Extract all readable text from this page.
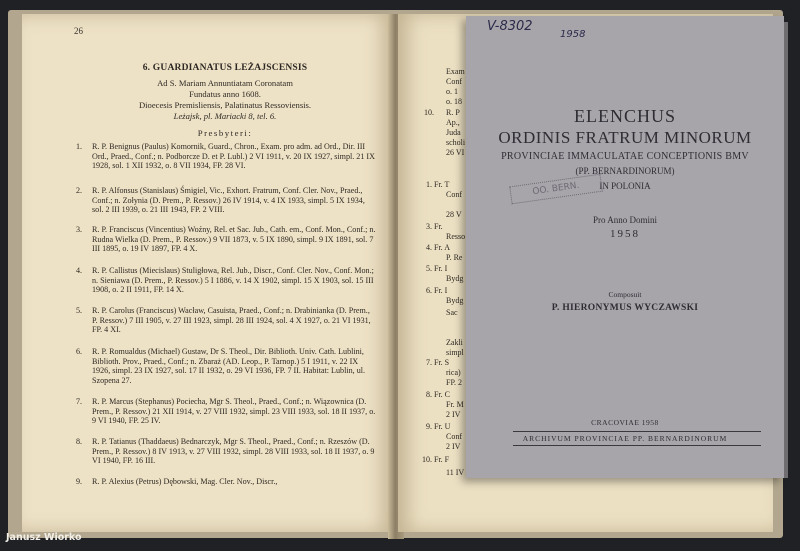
26
6. GUARDIANATUS LEŻAJSCENSIS
Ad S. Mariam Annuntiatam Coronatam
Fundatus anno 1608.
Dioecesis Premisliensis, Palatinatus Ressoviensis.
Leżajsk, pl. Mariacki 8, tel. 6.
Presbyteri:
1. R. P. Benignus (Paulus) Komornik, Guard., Chron., Exam. pro adm. ad Ord., Dir. III Ord., Praed., Conf.; n. Podborcze D. et P. Lubl.) 2 VI 1911, v. 20 IX 1927, simpl. 21 IX 1928, sol. 1 XII 1932, o. 8 VII 1934, FP. 28 VI.
2. R. P. Alfonsus (Stanislaus) Śmigiel, Vic., Exhort. Fratrum, Conf. Cler. Nov., Praed., Conf.; n. Zołynia (D. Prem., P. Ressov.) 26 IV 1914, v. 4 IX 1933, simpl. 5 IX 1934, sol. 2 III 1939, o. 21 III 1943, FP. 2 VIII.
3. R. P. Franciscus (Vincentius) Woźny, Rel. et Sac. Jub., Cath. em., Conf. Mon., Conf.; n. Rudna Wielka (D. Prem., P. Ressov.) 9 VII 1873, v. 5 IX 1890, simpl. 9 IX 1891, sol. 7 III 1895, o. 19 IV 1897, FP. 4 X.
4. R. P. Callistus (Miecislaus) Stuligłowa, Rel. Jub., Discr., Conf. Cler. Nov., Conf. Mon.; n. Sieniawa (D. Prem., P. Ressov.) 5 I 1886, v. 14 X 1902, simpl. 15 X 1903, sol. 15 III 1908, o. 2 II 1911, FP. 14 X.
5. R. P. Carolus (Franciscus) Wacław, Casuista, Praed., Conf.; n. Drabinianka (D. Prem., P. Ressov.) 7 III 1905, v. 27 III 1923, simpl. 28 III 1924, sol. 4 X 1927, o. 21 VI 1931, FP. 4 XI.
6. R. P. Romualdus (Michael) Gustaw, Dr S. Theol., Dir. Biblioth. Univ. Cath. Lublini, Biblioth. Prov., Praed., Conf.; n. Zbaraż (AD. Leop., P. Tarnop.) 5 I 1911, v. 22 IX 1926, simpl. 23 IX 1927, sol. 17 II 1932, o. 29 VI 1936, FP. 7 II. Habitat: Lublin, ul. Szopena 27.
7. R. P. Marcus (Stephanus) Pociecha, Mgr S. Theol., Praed., Conf.; n. Wiązownica (D. Prem., P. Ressov.) 21 XII 1914, v. 27 VIII 1932, simpl. 23 VIII 1933, sol. 18 II 1937, o. 9 VI 1940, FP. 25 IV.
8. R. P. Tatianus (Thaddaeus) Bednarczyk, Mgr S. Theol., Praed., Conf.; n. Rzeszów (D. Prem., P. Ressov.) 8 IV 1913, v. 27 VIII 1932, simpl. 28 VIII 1933, sol. 18 II 1937, o. 9 VI 1940, FP. 16 III.
9. R. P. Alexius (Petrus) Dębowski, Mag. Cler. Nov., Discr.,
Exam
Conf
o. 1
o. 18
10. R. P
Ap.,
Juda
scholi
26 VI
1. Fr. T
Conf
28 V
3. Fr.
Resso
4. Fr. A
P. Re
5. Fr. I
Bydg
6. Fr. I
Bydg
Sac
Zakli
simpl
7. Fr. S
rica)
FP. 2
8. Fr. C
Fr. M
2 IV
9. Fr. U
Conf
2 IV
10. Fr. F
11 IV
V-8302
1958
ELENCHUS
ORDINIS FRATRUM MINORUM
PROVINCIAE IMMACULATAE CONCEPTIONIS BMV
(PP. BERNARDINORUM)
IN POLONIA
OO. BERN.
Pro Anno Domini
1958
Composuit
P. HIERONYMUS WYCZAWSKI
CRACOVIAE 1958
ARCHIVUM PROVINCIAE PP. BERNARDINORUM
Janusz Wiorko
